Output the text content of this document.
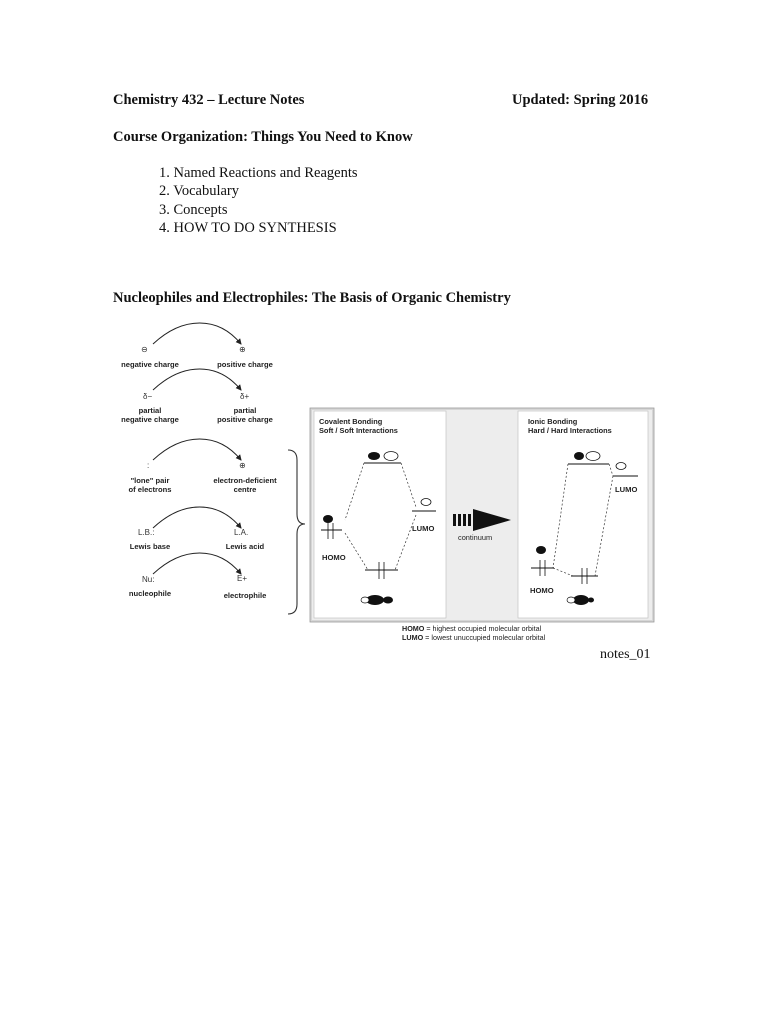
Chemistry 432 – Lecture Notes	Updated: Spring 2016
Course Organization: Things You Need to Know
1. Named Reactions and Reagents
2. Vocabulary
3. Concepts
4. HOW TO DO SYNTHESIS
Nucleophiles and Electrophiles: The Basis of Organic Chemistry
⊖	⊕
negative charge	positive charge
δ−	δ+
partial
negative charge
partial
positive charge
:	⊕
"lone" pair
of electrons
electron-deficient
centre
L.B.:	L.A.
Lewis base	Lewis acid
Nu:	E+
nucleophile	electrophile
Covalent Bonding
Soft / Soft Interactions
Ionic Bonding
Hard / Hard Interactions
LUMO
HOMO
LUMO
HOMO
continuum
HOMO = highest occupied molecular orbital
LUMO = lowest unuccupied molecular orbital
notes_01
